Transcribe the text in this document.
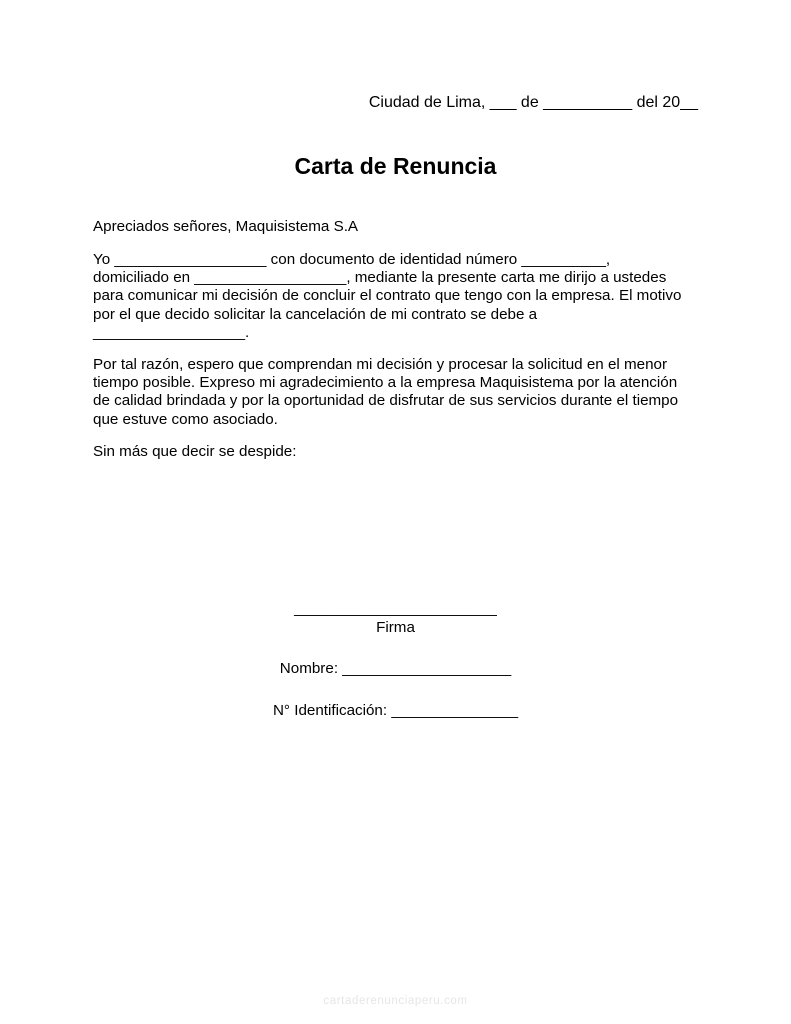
Ciudad de Lima, ___ de __________ del 20__
Carta de Renuncia

Apreciados señores, Maquisistema S.A

Yo __________________ con documento de identidad número __________,
domiciliado en __________________, mediante la presente carta me dirijo a ustedes
para comunicar mi decisión de concluir el contrato que tengo con la empresa. El motivo
por el que decido solicitar la cancelación de mi contrato se debe a
__________________.

Por tal razón, espero que comprendan mi decisión y procesar la solicitud en el menor
tiempo posible. Expreso mi agradecimiento a la empresa Maquisistema por la atención
de calidad brindada y por la oportunidad de disfrutar de sus servicios durante el tiempo
que estuve como asociado.

Sin más que decir se despide:

________________________
Firma
Nombre: ____________________
N° Identificación: _______________
cartaderenunciaperu.com
